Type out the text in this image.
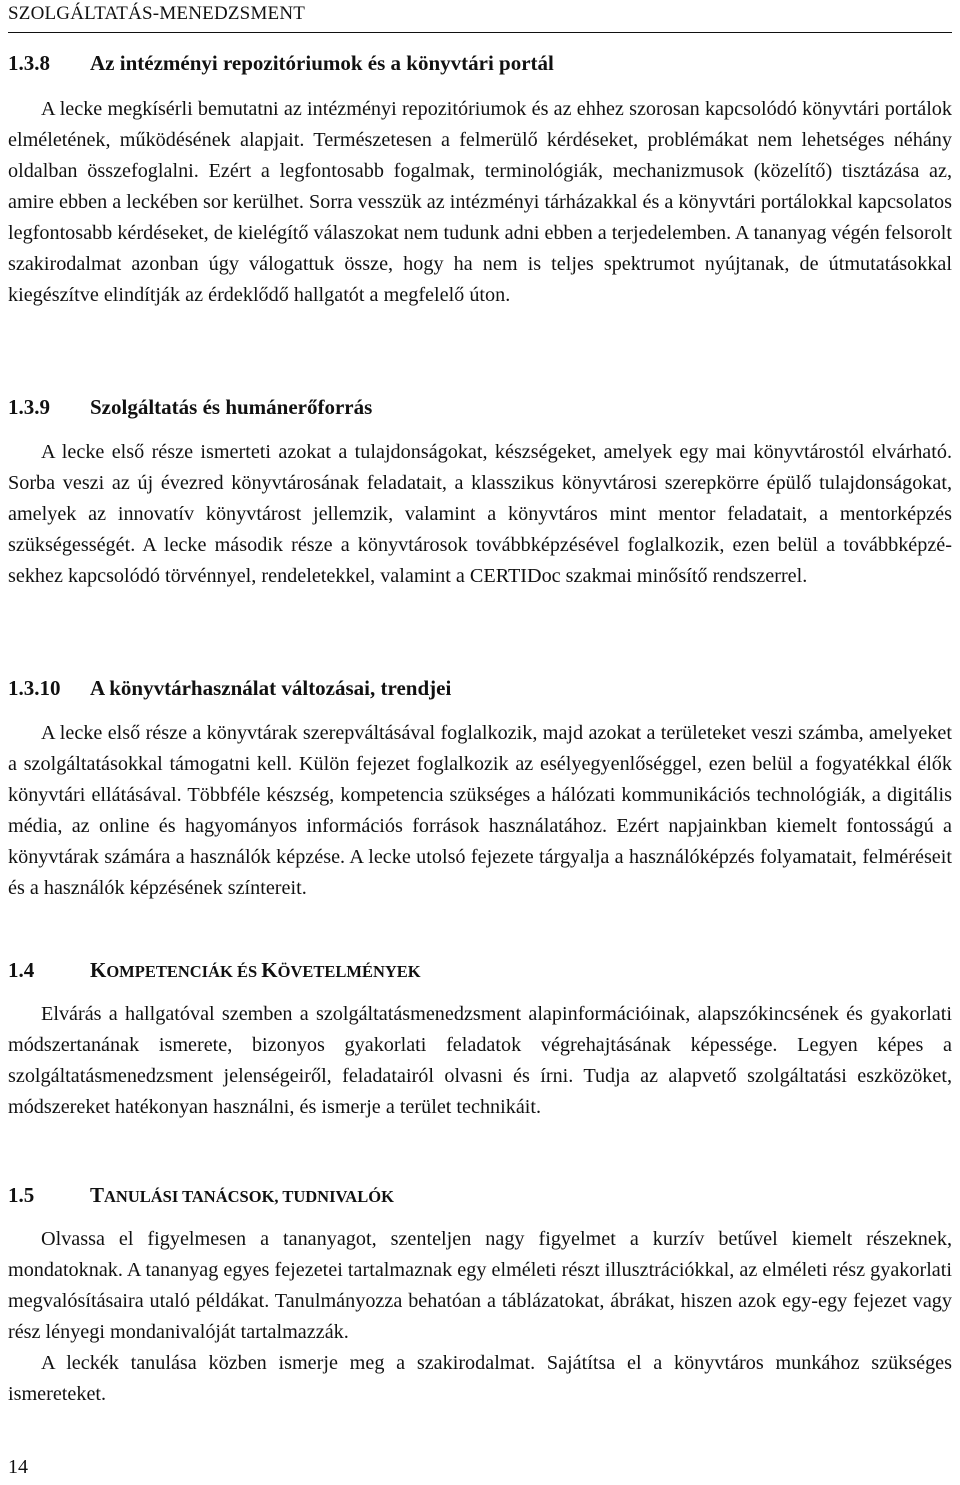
SZOLGÁLTATÁS-MENEDZSMENT
1.3.8 Az intézményi repozitóriumok és a könyvtári portál

A lecke megkísérli bemutatni az intézményi repozitóriumok és az ehhez szorosan kapcsolódó könyvtári portálok elméletének, működésének alapjait. Természetesen a felmerülő kérdéseket, problémákat nem lehetséges néhány oldalban összefoglalni. Ezért a legfontosabb fogalmak, terminológiák, mechanizmusok (közelítő) tisztázása az, amire ebben a leckében sor kerülhet. Sorra vesszük az intézményi tárházakkal és a könyvtári portálokkal kapcsolatos legfontosabb kérdéseket, de kielégítő válaszokat nem tudunk adni ebben a terjedelemben. A tananyag végén felsorolt szakirodalmat azonban úgy válogattuk össze, hogy ha nem is teljes spektrumot nyújtanak, de útmutatásokkal kiegészítve elindítják az érdeklődő hallgatót a megfelelő úton.

1.3.9 Szolgáltatás és humánerőforrás

A lecke első része ismerteti azokat a tulajdonságokat, készségeket, amelyek egy mai könyvtárostól elvárható. Sorba veszi az új évezred könyvtárosának feladatait, a klasszikus könyvtárosi szerepkörre épülő tulajdonságokat, amelyek az innovatív könyvtárost jellemzik, valamint a könyvtáros mint mentor feladatait, a mentorképzés szükségességét. A lecke második része a könyvtárosok továbbképzésével foglalkozik, ezen belül a továbbképzésekhez kapcsolódó törvénnyel, rendeletekkel, valamint a CERTIDoc szakmai minősítő rendszerrel.

1.3.10 A könyvtárhasználat változásai, trendjei

A lecke első része a könyvtárak szerepváltásával foglalkozik, majd azokat a területeket veszi számba, amelyeket a szolgáltatásokkal támogatni kell. Külön fejezet foglalkozik az esélyegyenlőséggel, ezen belül a fogyatékkal élők könyvtári ellátásával. Többféle készség, kompetencia szükséges a hálózati kommunikációs technológiák, a digitális média, az online és hagyományos információs források használatához. Ezért napjainkban kiemelt fontosságú a könyvtárak számára a használók képzése. A lecke utolsó fejezete tárgyalja a használóképzés folyamatait, felméréseit és a használók képzésének színtereit.

1.4	KOMPETENCIÁK ÉS KÖVETELMÉNYEK

Elvárás a hallgatóval szemben a szolgáltatásmenedzsment alapinformációinak, alapszókincsének és gyakorlati módszertanának ismerete, bizonyos gyakorlati feladatok végrehajtásának képessége. Legyen képes a szolgáltatásmenedzsment jelenségeiről, feladatairól olvasni és írni. Tudja az alapvető szolgáltatási eszközöket, módszereket hatékonyan használni, és ismerje a terület technikáit.

1.5	TANULÁSI TANÁCSOK, TUDNIVALÓK

Olvassa el figyelmesen a tananyagot, szenteljen nagy figyelmet a kurzív betűvel kiemelt részeknek, mondatoknak. A tananyag egyes fejezetei tartalmaznak egy elméleti részt illusztrációkkal, az elméleti rész gyakorlati megvalósításaira utaló példákat. Tanulmányozza behatóan a táblázatokat, ábrákat, hiszen azok egy-egy fejezet vagy rész lényegi mondanivalóját tartalmazzák.

A leckék tanulása közben ismerje meg a szakirodalmat. Sajátítsa el a könyvtáros munkához szükséges ismereteket.

14
